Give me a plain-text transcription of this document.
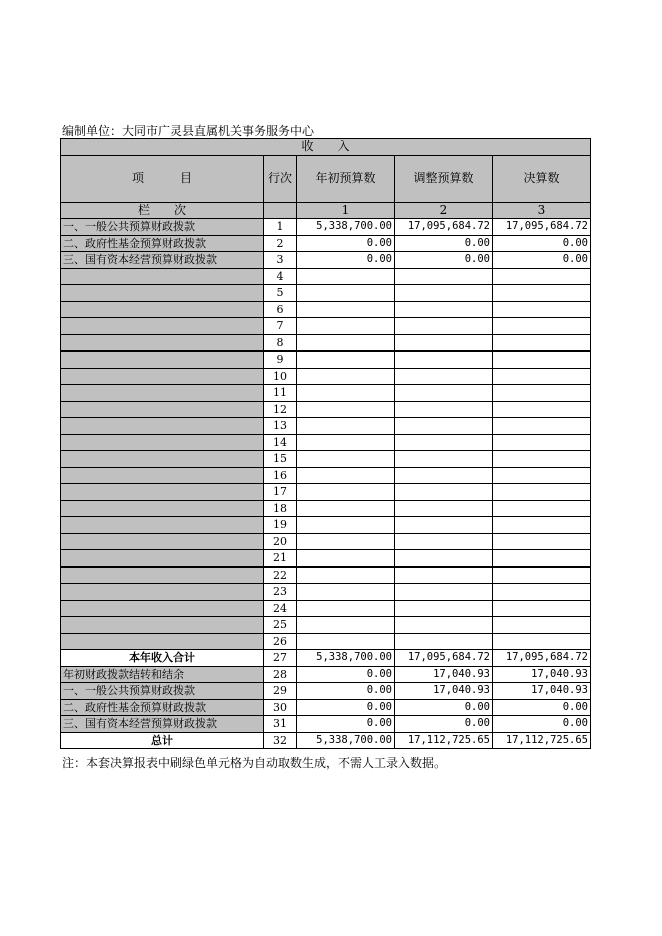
编制单位：大同市广灵县直属机关事务服务中心
收　　入				
项　　　目	行次	年初预算数	调整预算数	决算数
栏　　次		1	2	3
一、一般公共预算财政拨款	1	5,338,700.00	17,095,684.72	17,095,684.72
二、政府性基金预算财政拨款	2	0.00	0.00	0.00
三、国有资本经营预算财政拨款	3	0.00	0.00	0.00
	4			
	5			
	6			
	7			
	8			
	9			
	10			
	11			
	12			
	13			
	14			
	15			
	16			
	17			
	18			
	19			
	20			
	21			
	22			
	23			
	24			
	25			
	26			
本年收入合计	27	5,338,700.00	17,095,684.72	17,095,684.72
年初财政拨款结转和结余	28	0.00	17,040.93	17,040.93
一、一般公共预算财政拨款	29	0.00	17,040.93	17,040.93
二、政府性基金预算财政拨款	30	0.00	0.00	0.00
三、国有资本经营预算财政拨款	31	0.00	0.00	0.00
总计	32	5,338,700.00	17,112,725.65	17,112,725.65
注：本套决算报表中刷绿色单元格为自动取数生成，不需人工录入数据。
